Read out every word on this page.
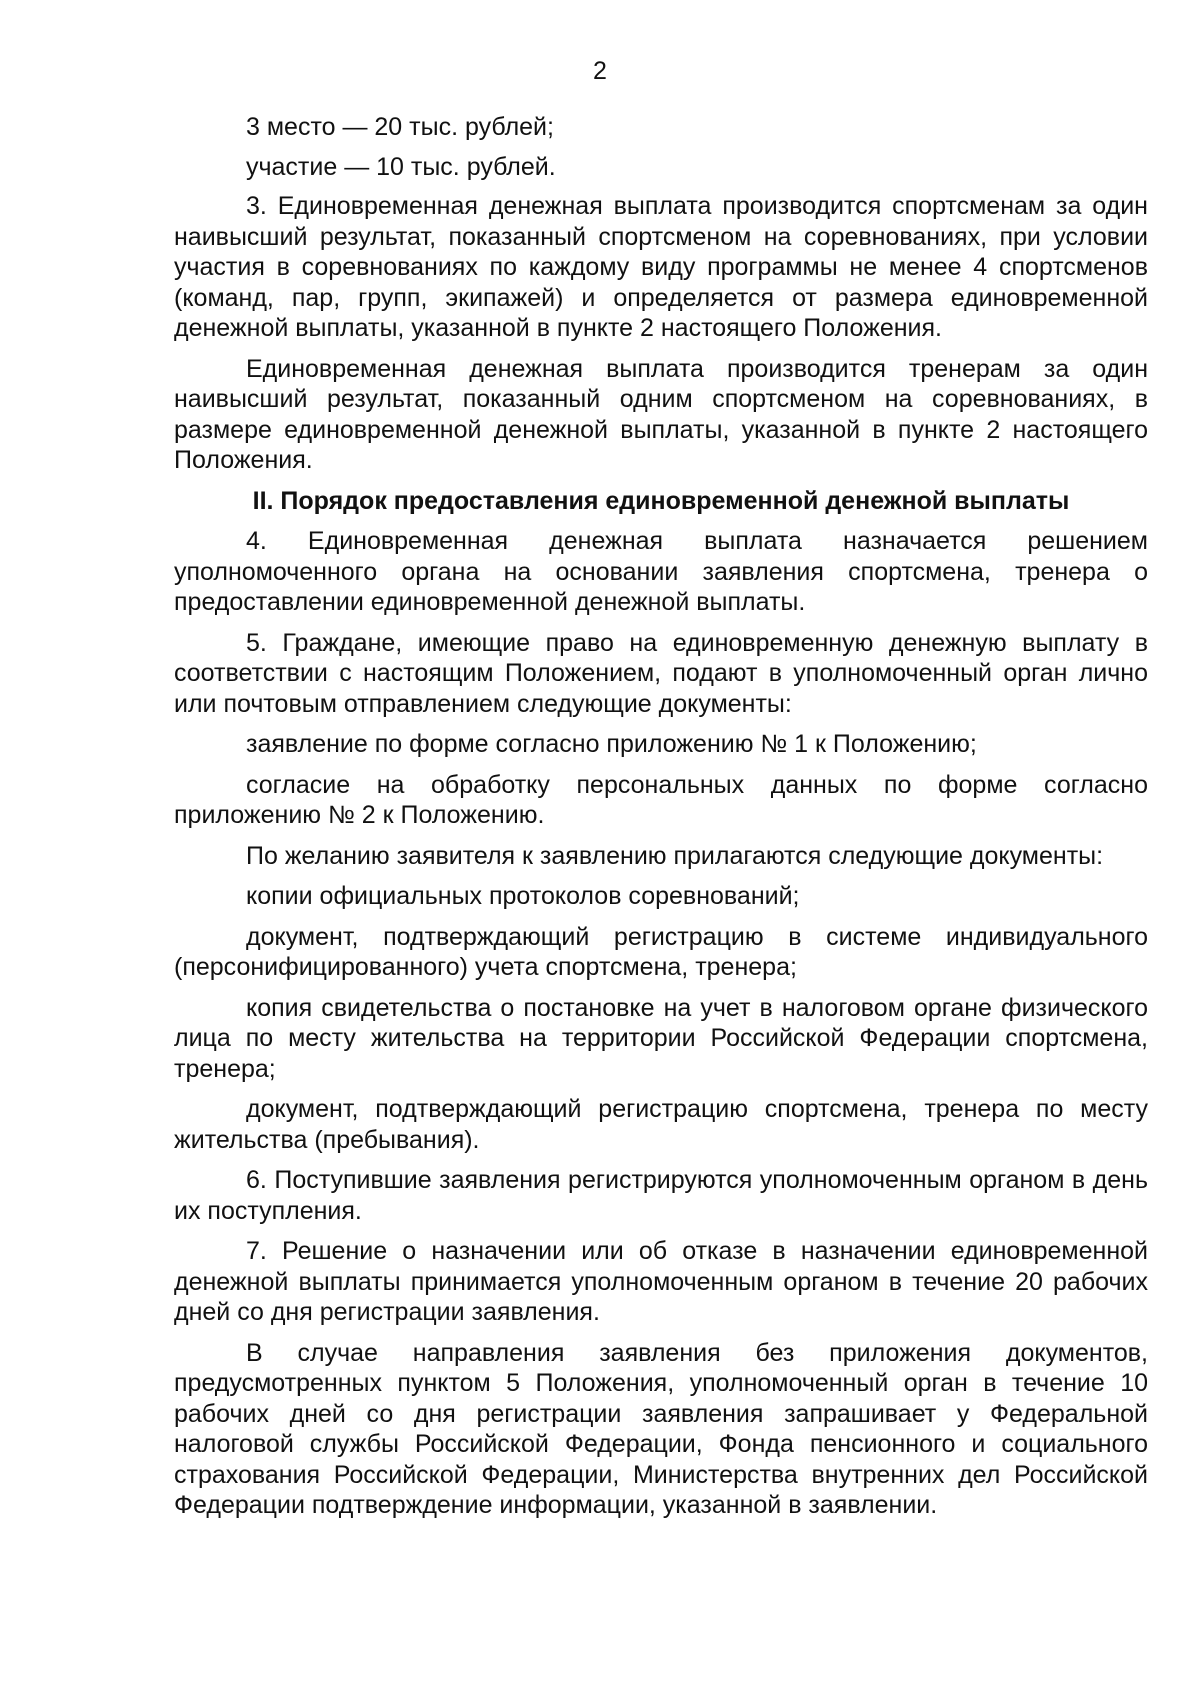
2

3 место — 20 тыс. рублей;

участие — 10 тыс. рублей.

3. Единовременная денежная выплата производится спортсменам за один наивысший результат, показанный спортсменом на соревнованиях, при условии участия в соревнованиях по каждому виду программы не менее 4 спортсменов (команд, пар, групп, экипажей) и определяется от размера единовременной денежной выплаты, указанной в пункте 2 настоящего Положения.

Единовременная денежная выплата производится тренерам за один наивысший результат, показанный одним спортсменом на соревнованиях, в размере единовременной денежной выплаты, указанной в пункте 2 настоящего Положения.

II. Порядок предоставления единовременной денежной выплаты

4. Единовременная денежная выплата назначается решением уполномоченного органа на основании заявления спортсмена, тренера о предоставлении единовременной денежной выплаты.

5. Граждане, имеющие право на единовременную денежную выплату в соответствии с настоящим Положением, подают в уполномоченный орган лично или почтовым отправлением следующие документы:

заявление по форме согласно приложению № 1 к Положению;

согласие на обработку персональных данных по форме согласно приложению № 2 к Положению.

По желанию заявителя к заявлению прилагаются следующие документы:

копии официальных протоколов соревнований;

документ, подтверждающий регистрацию в системе индивидуального (персонифицированного) учета спортсмена, тренера;

копия свидетельства о постановке на учет в налоговом органе физического лица по месту жительства на территории Российской Федерации спортсмена, тренера;

документ, подтверждающий регистрацию спортсмена, тренера по месту жительства (пребывания).

6. Поступившие заявления регистрируются уполномоченным органом в день их поступления.

7. Решение о назначении или об отказе в назначении единовременной денежной выплаты принимается уполномоченным органом в течение 20 рабочих дней со дня регистрации заявления.

В случае направления заявления без приложения документов, предусмотренных пунктом 5 Положения, уполномоченный орган в течение 10 рабочих дней со дня регистрации заявления запрашивает у Федеральной налоговой службы Российской Федерации, Фонда пенсионного и социального страхования Российской Федерации, Министерства внутренних дел Российской Федерации подтверждение информации, указанной в заявлении.
